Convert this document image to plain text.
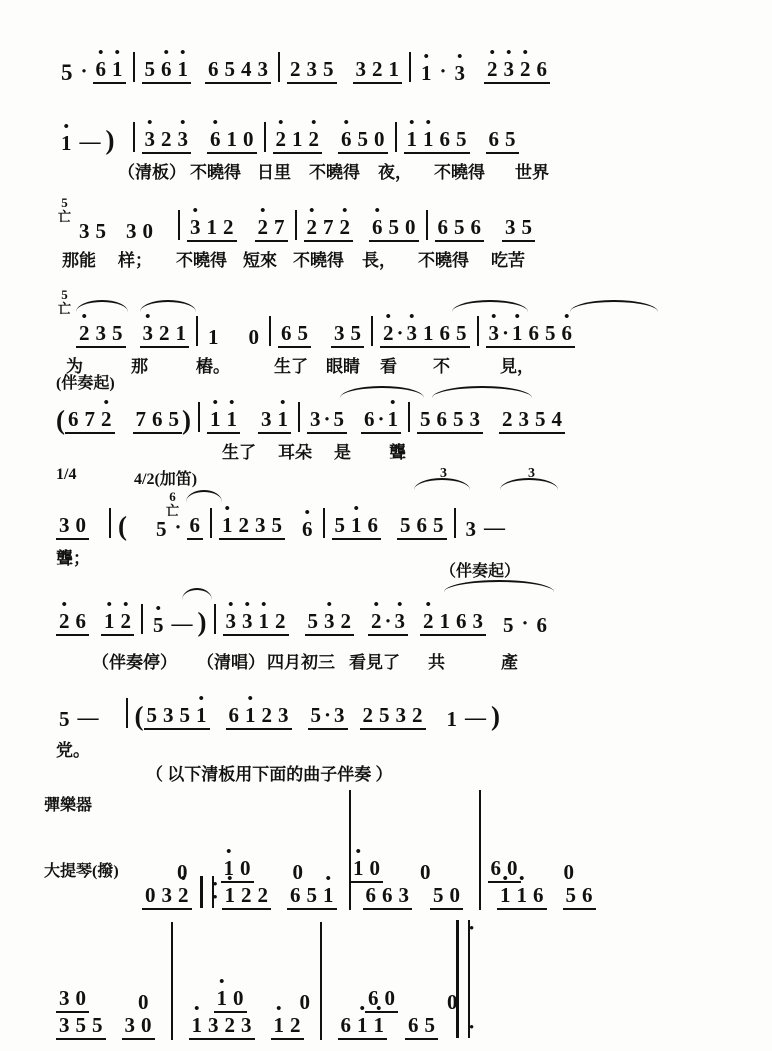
5 · • 6 • 1 5 • 6 • 1 6 5 4 3 2 3 5 3 2 1 • 1 · • 3 • 2 • 3 • 2 6
• 1 — ) • 3 2 • 3 • 6 1 0 • 2 1 • 2 • 6 5 0 • 1 • 1 6 5 6 5
（清板） 不曉得 日里 不曉得 夜， 不曉得 世界
5
亡
3 5 3 0 • 3 1 2 • 2 7 • 2 7 • 2 • 6 5 0 6 5 6 3 5
那能 样； 不曉得 短來 不曉得 長， 不曉得 吃苦
5
亡
• 2 3 5 • 3 2 1 1 0 6 5 3 5 • 2 · • 3 1 6 5 • 3 · • 1 6 5 • 6
为	那	樁。	生了 眼睛 看 不	見，
(伴奏起)
( 6 7 • 2 7 6 5 ) • 1 • 1 3 • 1 3 · 5 6 · • 1 5 6 5 3 2 3 5 4
生了 耳朵 是 聾
1/4	4/2(加笛)
6
亡
3	3
3 0 ( 5 · 6 • 1 2 3 5 • 6 5 • 1 6 5 6 5 3 —
聾；
（伴奏起）
• 2 6 • 1 • 2 • 5 — ) • 3 • 3 • 1 2 5 • 3 2 • 2 · • 3 • 2 1 6 3 5 · 6
（伴奏停） （清唱） 四月初三 看見了 共	產
5 — ( 5 3 5 • 1 6 • 1 2 3 5 · 3 2 5 3 2 1 — )
党。
（ 以下清板用下面的曲子伴奏 ）
彈樂器
0 3 • 2 • • • 1 2 2 6 5 • 1 6 6 3 5 0 • 1 • 1 6 5 6
大提琴(撥)	0 • 1 0 0 • 1 0 0	6 0 0
3 5 5 3 0 • 1 3 2 3 • 1 2 6 • 1 • 1 6 5
• •
3 0 0	• 1 0	0	6 0 0
